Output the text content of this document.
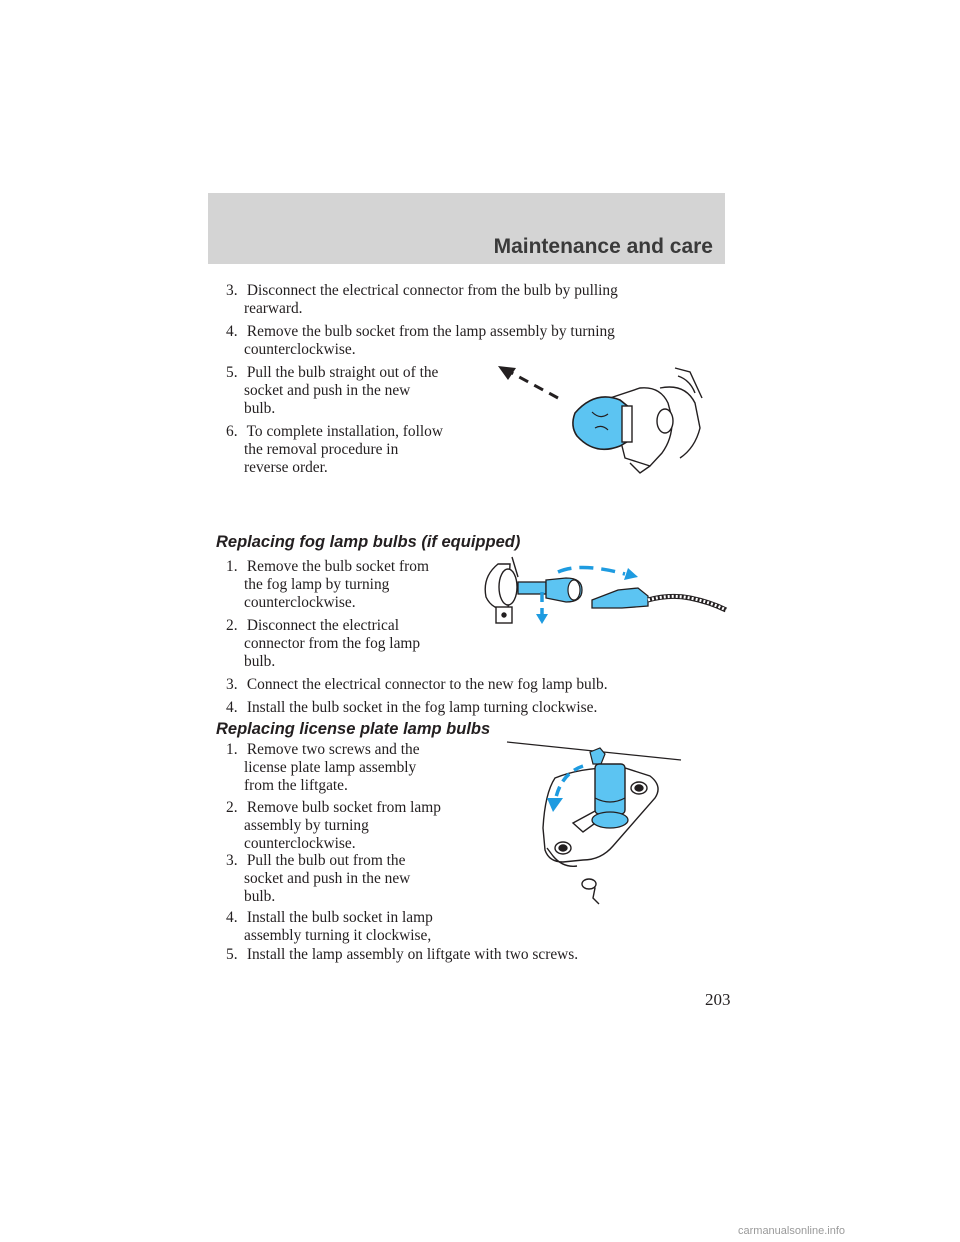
Maintenance and care
3. Disconnect the electrical connector from the bulb by pulling
rearward.
4. Remove the bulb socket from the lamp assembly by turning
counterclockwise.
5. Pull the bulb straight out of the
socket and push in the new
bulb.
6. To complete installation, follow
the removal procedure in
reverse order.
Replacing fog lamp bulbs (if equipped)
1. Remove the bulb socket from
the fog lamp by turning
counterclockwise.
2. Disconnect the electrical
connector from the fog lamp
bulb.
3. Connect the electrical connector to the new fog lamp bulb.
4. Install the bulb socket in the fog lamp turning clockwise.
Replacing license plate lamp bulbs
1. Remove two screws and the
license plate lamp assembly
from the liftgate.
2. Remove bulb socket from lamp
assembly by turning
counterclockwise.
3. Pull the bulb out from the
socket and push in the new
bulb.
4. Install the bulb socket in lamp
assembly turning it clockwise,
5. Install the lamp assembly on liftgate with two screws.
203
carmanualsonline.info
